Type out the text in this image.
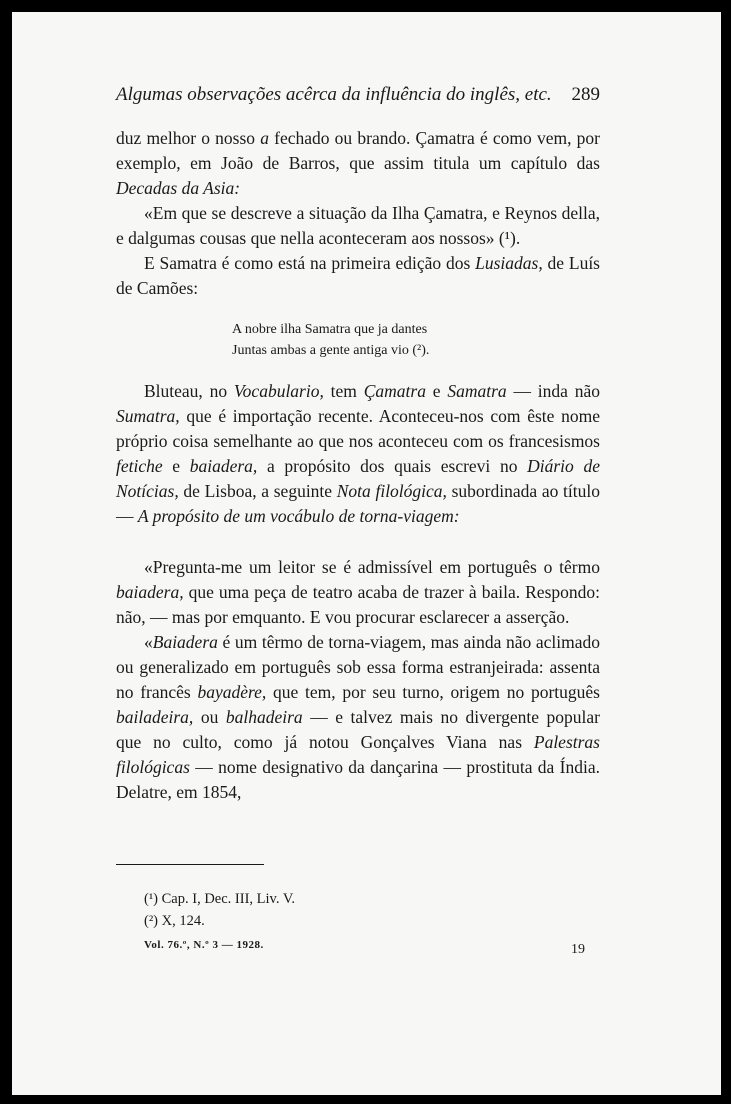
Algumas observações acêrca da influência do inglês, etc. 289

duz melhor o nosso a fechado ou brando. Çamatra é como vem, por exemplo, em João de Barros, que assim titula um capítulo das Decadas da Asia:

«Em que se descreve a situação da Ilha Çamatra, e Reynos della, e dalgumas cousas que nella aconteceram aos nossos» (¹).

E Samatra é como está na primeira edição dos Lusiadas, de Luís de Camões:

A nobre ilha Samatra que ja dantes
Juntas ambas a gente antiga vio (²).

Bluteau, no Vocabulario, tem Çamatra e Samatra — inda não Sumatra, que é importação recente. Aconteceu-nos com êste nome próprio coisa semelhante ao que nos aconteceu com os francesismos fetiche e baiadera, a propósito dos quais escrevi no Diário de Notícias, de Lisboa, a seguinte Nota filológica, subordinada ao título — A propósito de um vocábulo de torna-viagem:

«Pregunta-me um leitor se é admissível em português o têrmo baiadera, que uma peça de teatro acaba de trazer à baila. Respondo: não, — mas por emquanto. E vou procurar esclarecer a asserção.

«Baiadera é um têrmo de torna-viagem, mas ainda não aclimado ou generalizado em português sob essa forma estranjeirada: assenta no francês bayadère, que tem, por seu turno, origem no português bailadeira, ou balhadeira — e talvez mais no divergente popular que no culto, como já notou Gonçalves Viana nas Palestras filológicas — nome designativo da dançarina — prostituta da Índia. Delatre, em 1854,

(¹) Cap. I, Dec. III, Liv. V.
(²) X, 124.
Vol. 76.º, N.º 3 — 1928.	19
